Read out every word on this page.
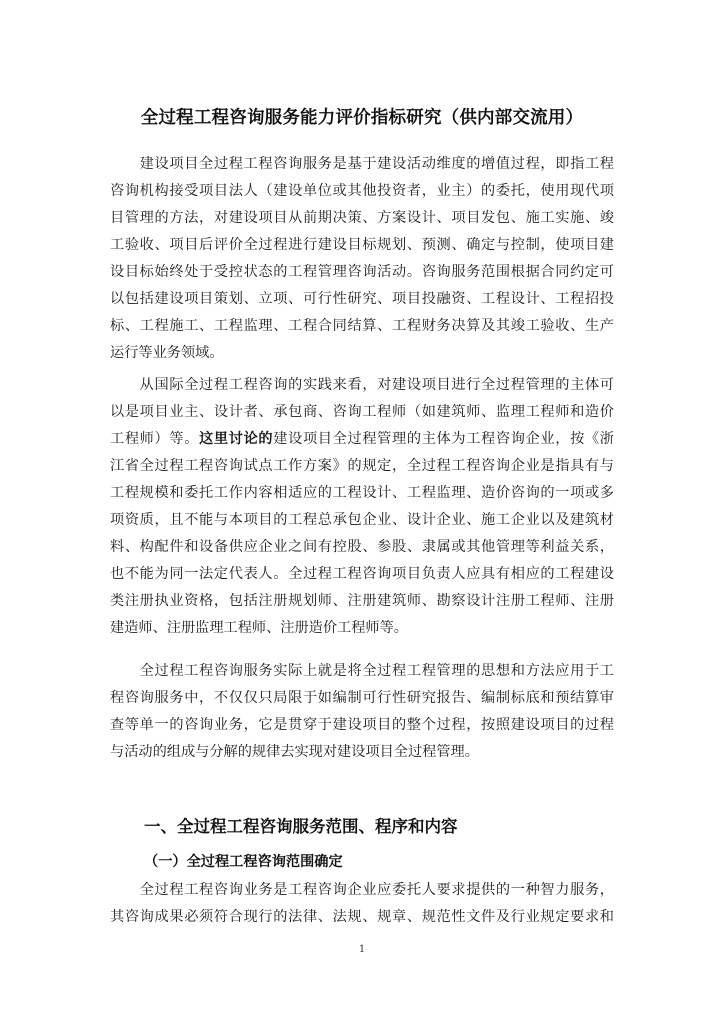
全过程工程咨询服务能力评价指标研究（供内部交流用）

　　建设项目全过程工程咨询服务是基于建设活动维度的增值过程，即指工程
咨询机构接受项目法人（建设单位或其他投资者，业主）的委托，使用现代项
目管理的方法，对建设项目从前期决策、方案设计、项目发包、施工实施、竣
工验收、项目后评价全过程进行建设目标规划、预测、确定与控制，使项目建
设目标始终处于受控状态的工程管理咨询活动。咨询服务范围根据合同约定可
以包括建设项目策划、立项、可行性研究、项目投融资、工程设计、工程招投
标、工程施工、工程监理、工程合同结算、工程财务决算及其竣工验收、生产
运行等业务领域。

　　从国际全过程工程咨询的实践来看，对建设项目进行全过程管理的主体可
以是项目业主、设计者、承包商、咨询工程师（如建筑师、监理工程师和造价
工程师）等。这里讨论的建设项目全过程管理的主体为工程咨询企业，按《浙
江省全过程工程咨询试点工作方案》的规定，全过程工程咨询企业是指具有与
工程规模和委托工作内容相适应的工程设计、工程监理、造价咨询的一项或多
项资质，且不能与本项目的工程总承包企业、设计企业、施工企业以及建筑材
料、构配件和设备供应企业之间有控股、参股、隶属或其他管理等利益关系，
也不能为同一法定代表人。全过程工程咨询项目负责人应具有相应的工程建设
类注册执业资格，包括注册规划师、注册建筑师、勘察设计注册工程师、注册
建造师、注册监理工程师、注册造价工程师等。

　　全过程工程咨询服务实际上就是将全过程工程管理的思想和方法应用于工
程咨询服务中，不仅仅只局限于如编制可行性研究报告、编制标底和预结算审
查等单一的咨询业务，它是贯穿于建设项目的整个过程，按照建设项目的过程
与活动的组成与分解的规律去实现对建设项目全过程管理。

一、全过程工程咨询服务范围、程序和内容
（一）全过程工程咨询范围确定

　　全过程工程咨询业务是工程咨询企业应委托人要求提供的一种智力服务，
其咨询成果必须符合现行的法律、法规、规章、规范性文件及行业规定要求和

1
